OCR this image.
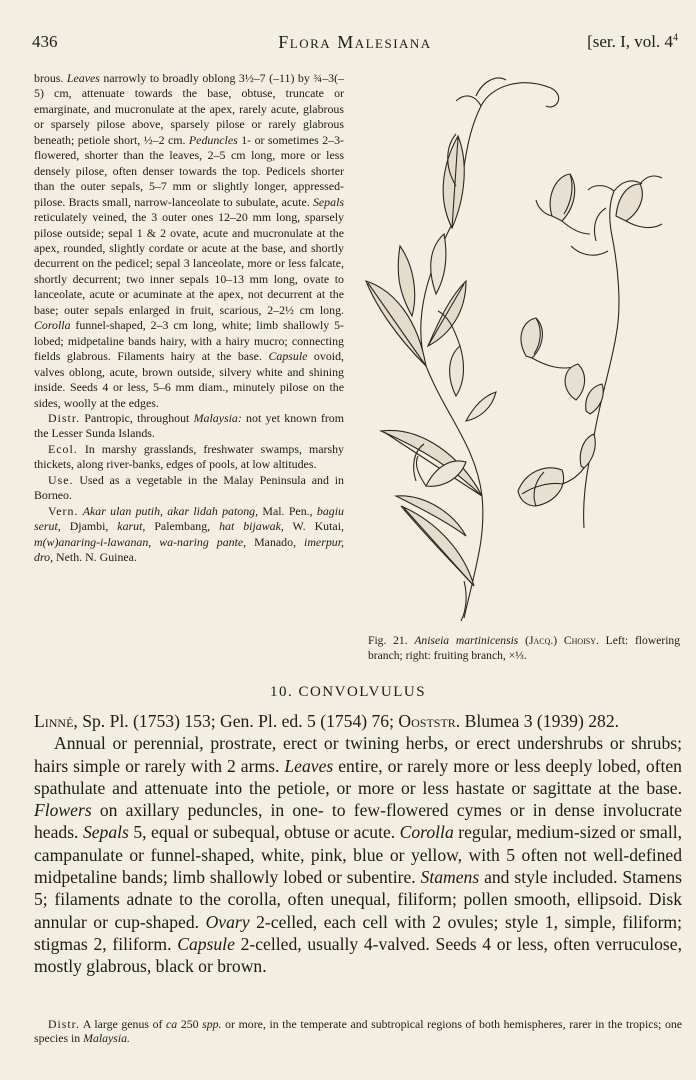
436	Flora Malesiana	[ser. I, vol. $4^4$

brous. Leaves narrowly to broadly oblong 3½–7 (–11) by ¾–3(–5) cm, attenuate towards the base, obtuse, truncate or emarginate, and mucronulate at the apex, rarely acute, glabrous or sparsely pilose above, sparsely pilose or rarely glabrous beneath; petiole short, ½–2 cm. Peduncles 1- or sometimes 2–3-flowered, shorter than the leaves, 2–5 cm long, more or less densely pilose, often denser towards the top. Pedicels shorter than the outer sepals, 5–7 mm or slightly longer, appressed-pilose. Bracts small, narrow-lanceolate to subulate, acute. Sepals reticulately veined, the 3 outer ones 12–20 mm long, sparsely pilose outside; sepal 1 & 2 ovate, acute and mucronulate at the apex, rounded, slightly cordate or acute at the base, and shortly decurrent on the pedicel; sepal 3 lanceolate, more or less falcate, shortly decurrent; two inner sepals 10–13 mm long, ovate to lanceolate, acute or acuminate at the apex, not decurrent at the base; outer sepals enlarged in fruit, scarious, 2–2½ cm long. Corolla funnel-shaped, 2–3 cm long, white; limb shallowly 5-lobed; midpetaline bands hairy, with a hairy mucro; connecting fields glabrous. Filaments hairy at the base. Capsule ovoid, valves oblong, acute, brown outside, silvery white and shining inside. Seeds 4 or less, 5–6 mm diam., minutely pilose on the sides, woolly at the edges.

Distr. Pantropic, throughout Malaysia: not yet known from the Lesser Sunda Islands.

Ecol. In marshy grasslands, freshwater swamps, marshy thickets, along river-banks, edges of pools, at low altitudes.

Use. Used as a vegetable in the Malay Peninsula and in Borneo.

Vern. Akar ulan putih, akar lidah patong, Mal. Pen., bagiu serut, Djambi, karut, Palembang, hat bijawak, W. Kutai, m(w)anaring-i-lawanan, wa-naring pante, Manado, imerpur, dro, Neth. N. Guinea.

Fig. 21. Aniseia martinicensis (Jacq.) Choisy. Left: flowering branch; right: fruiting branch, ×⅓.
10. CONVOLVULUS

Linné, Sp. Pl. (1753) 153; Gen. Pl. ed. 5 (1754) 76; Ooststr. Blumea 3 (1939) 282.

Annual or perennial, prostrate, erect or twining herbs, or erect undershrubs or shrubs; hairs simple or rarely with 2 arms. Leaves entire, or rarely more or less deeply lobed, often spathulate and attenuate into the petiole, or more or less hastate or sagittate at the base. Flowers on axillary peduncles, in one- to few-flowered cymes or in dense involucrate heads. Sepals 5, equal or subequal, obtuse or acute. Corolla regular, medium-sized or small, campanulate or funnel-shaped, white, pink, blue or yellow, with 5 often not well-defined midpetaline bands; limb shallowly lobed or subentire. Stamens and style included. Stamens 5; filaments adnate to the corolla, often unequal, filiform; pollen smooth, ellipsoid. Disk annular or cup-shaped. Ovary 2-celled, each cell with 2 ovules; style 1, simple, filiform; stigmas 2, filiform. Capsule 2-celled, usually 4-valved. Seeds 4 or less, often verruculose, mostly glabrous, black or brown.

Distr. A large genus of ca 250 spp. or more, in the temperate and subtropical regions of both hemispheres, rarer in the tropics; one species in Malaysia.
